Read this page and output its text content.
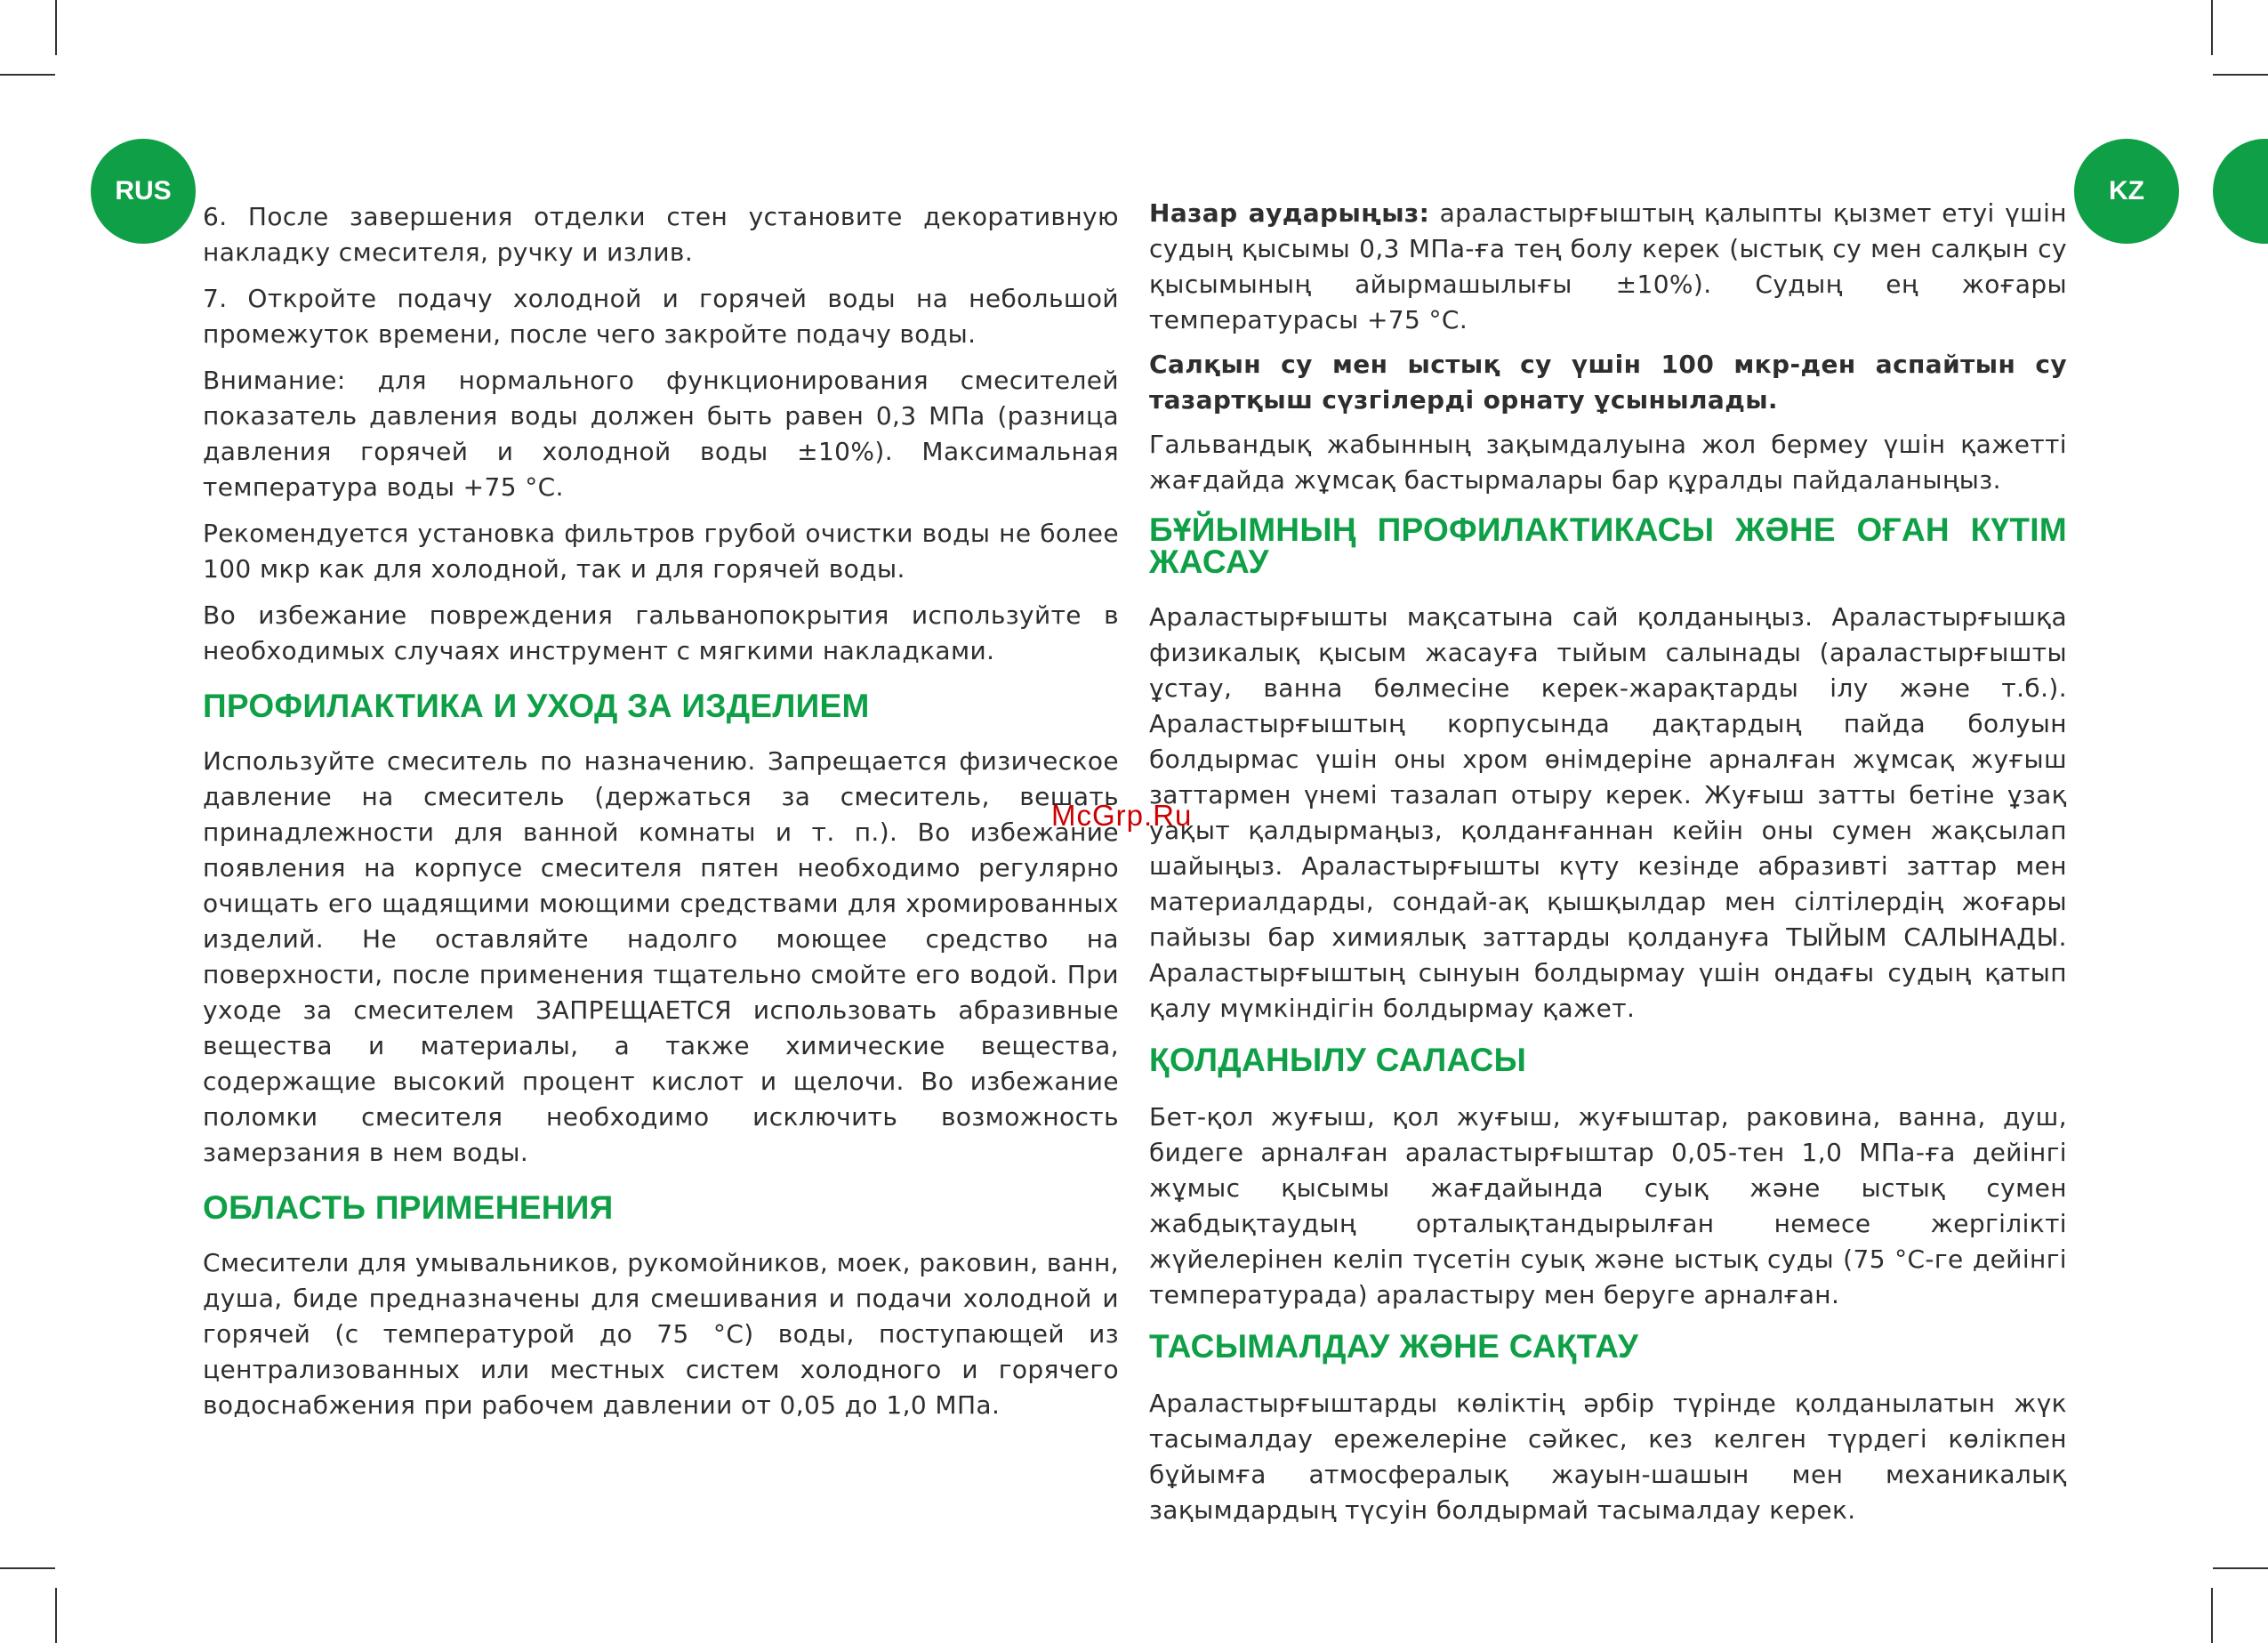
RUS	KZ

6. После завершения отделки стен установите декоративную накладку смесителя, ручку и излив.

7. Откройте подачу холодной и горячей воды на небольшой промежуток времени, после чего закройте подачу воды.

Внимание: для нормального функционирования смесителей показатель давления воды должен быть равен 0,3 МПа (разница давления горячей и холодной воды ±10%). Максимальная температура воды +75 °С.

Рекомендуется установка фильтров грубой очистки воды не более 100 мкр как для холодной, так и для горячей воды.

Во избежание повреждения гальванопокрытия используйте в необходимых случаях инструмент с мягкими накладками.

ПРОФИЛАКТИКА И УХОД ЗА ИЗДЕЛИЕМ

Используйте смеситель по назначению. Запрещается физическое давление на смеситель (держаться за смеситель, вешать принадлежности для ванной комнаты и т. п.). Во избежание появления на корпусе смесителя пятен необходимо регулярно очищать его щадящими моющими средствами для хромированных изделий. Не оставляйте надолго моющее средство на поверхности, после применения тщательно смойте его водой. При уходе за смесителем ЗАПРЕЩАЕТСЯ использовать абразивные вещества и материалы, а также химические вещества, содержащие высокий процент кислот и щелочи. Во избежание поломки смесителя необходимо исключить возможность замерзания в нем воды.

ОБЛАСТЬ ПРИМЕНЕНИЯ

Смесители для умывальников, рукомойников, моек, раковин, ванн, душа, биде предназначены для смешивания и подачи холодной и горячей (с температурой до 75 °С) воды, поступающей из централизованных или местных систем холодного и горячего водоснабжения при рабочем давлении от 0,05 до 1,0 МПа.

Назар аударыңыз: араластырғыштың қалыпты қызмет етуі үшін судың қысымы 0,3 МПа-ға тең болу керек (ыстық су мен салқын су қысымының айырмашылығы ±10%). Судың ең жоғары температурасы +75 °С.

Салқын су мен ыстық су үшін 100 мкр-ден аспайтын су тазартқыш сүзгілерді орнату ұсынылады.

Гальвандық жабынның зақымдалуына жол бермеу үшін қажетті жағдайда жұмсақ бастырмалары бар құралды пайдаланыңыз.

БҰЙЫМНЫҢ ПРОФИЛАКТИКАСЫ ЖӘНЕ ОҒАН КҮТІМ ЖАСАУ

Араластырғышты мақсатына сай қолданыңыз. Араластырғышқа физикалық қысым жасауға тыйым салынады (араластырғышты ұстау, ванна бөлмесіне керек-жарақтарды ілу және т.б.). Араластырғыштың корпусында дақтардың пайда болуын болдырмас үшін оны хром өнімдеріне арналған жұмсақ жуғыш заттармен үнемі тазалап отыру керек. Жуғыш затты бетіне ұзақ уақыт қалдырмаңыз, қолданғаннан кейін оны сумен жақсылап шайыңыз. Араластырғышты күту кезінде абразивті заттар мен материалдарды, сондай-ақ қышқылдар мен сілтілердің жоғары пайызы бар химиялық заттарды қолдануға ТЫЙЫМ САЛЫНАДЫ. Араластырғыштың сынуын болдырмау үшін ондағы судың қатып қалу мүмкіндігін болдырмау қажет.

ҚОЛДАНЫЛУ САЛАСЫ

Бет-қол жуғыш, қол жуғыш, жуғыштар, раковина, ванна, душ, бидеге арналған араластырғыштар 0,05-тен 1,0 МПа-ға дейінгі жұмыс қысымы жағдайында суық және ыстық сумен жабдықтаудың орталықтандырылған немесе жергілікті жүйелерінен келіп түсетін суық және ыстық суды (75 °С-ге дейінгі температурада) араластыру мен беруге арналған.

ТАСЫМАЛДАУ ЖӘНЕ САҚТАУ

Араластырғыштарды көліктің әрбір түрінде қолданылатын жүк тасымалдау ережелеріне сәйкес, кез келген түрдегі көлікпен бұйымға атмосфералық жауын-шашын мен механикалық зақымдардың түсуін болдырмай тасымалдау керек.

McGrp.Ru
